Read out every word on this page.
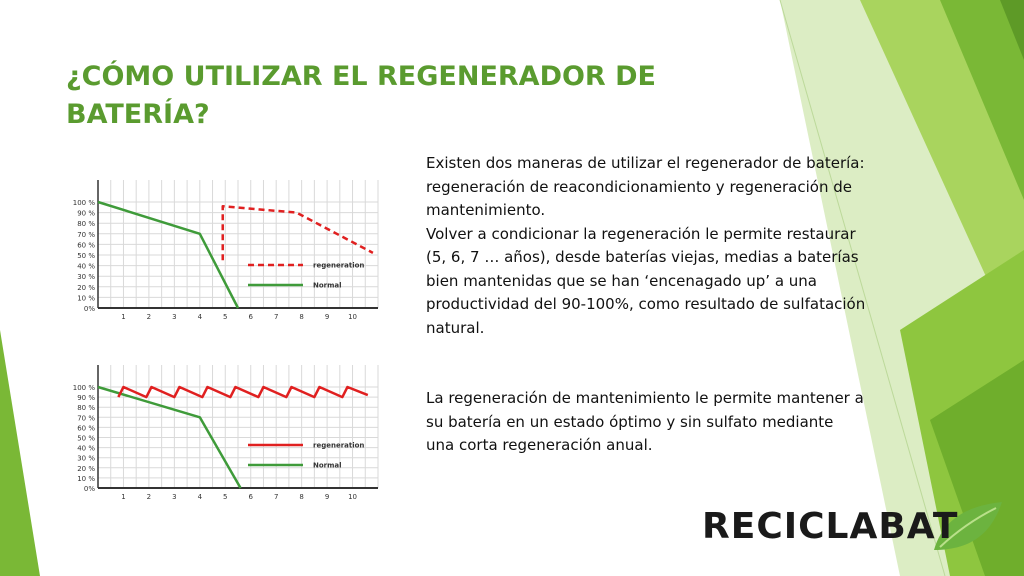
¿CÓMO UTILIZAR EL REGENERADOR DE BATERÍA?

Existen dos maneras de utilizar el regenerador de batería: regeneración de reacondicionamiento y regeneración de mantenimiento.

Volver a condicionar la regeneración le permite restaurar (5, 6, 7 … años), desde baterías viejas, medias a baterías bien mantenidas que se han ‘encenagado up’ a una productividad del 90-100%, como resultado de sulfatación natural.

La regeneración de mantenimiento le permite mantener a su batería en un estado óptimo y sin sulfato mediante una corta regeneración anual.

0%
10 %
20 %
30 %
40 %
50 %
60 %
70 %
80 %
90 %
100 %
1	2	3	4	5	6	7	8	9	10
regeneration
Normal
0%
10 %
20 %
30 %
40 %
50 %
60 %
70 %
80 %
90 %
100 %
1	2	3	4	5	6	7	8	9	10
regeneration
Normal
RECICLABAT
